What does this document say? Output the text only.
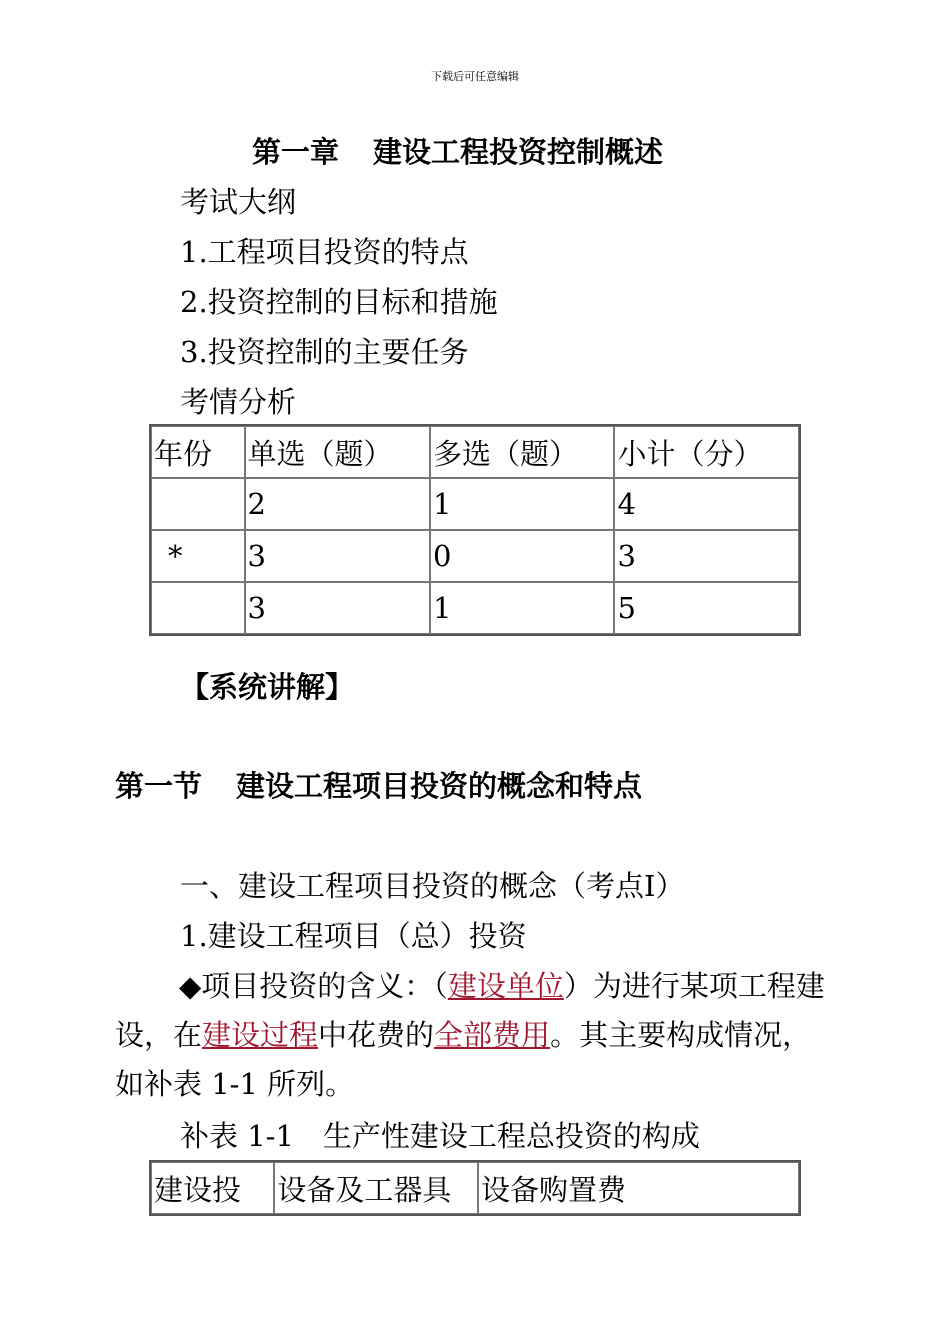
下载后可任意编辑
第一章 建设工程投资控制概述
考试大纲
1.工程项目投资的特点
2.投资控制的目标和措施
3.投资控制的主要任务
考情分析
年份	单选（题）	多选（题）	小计（分）
	2	1	4
*	3	0	3
	3	1	5
【系统讲解】
第一节 建设工程项目投资的概念和特点
一、建设工程项目投资的概念（考点Ⅰ）
1.建设工程项目（总）投资
◆项目投资的含义：（建设单位）为进行某项工程建设，在建设过程中花费的全部费用。其主要构成情况，如补表 1-1 所列。
补表 1-1　生产性建设工程总投资的构成
建设投	设备及工器具	设备购置费
